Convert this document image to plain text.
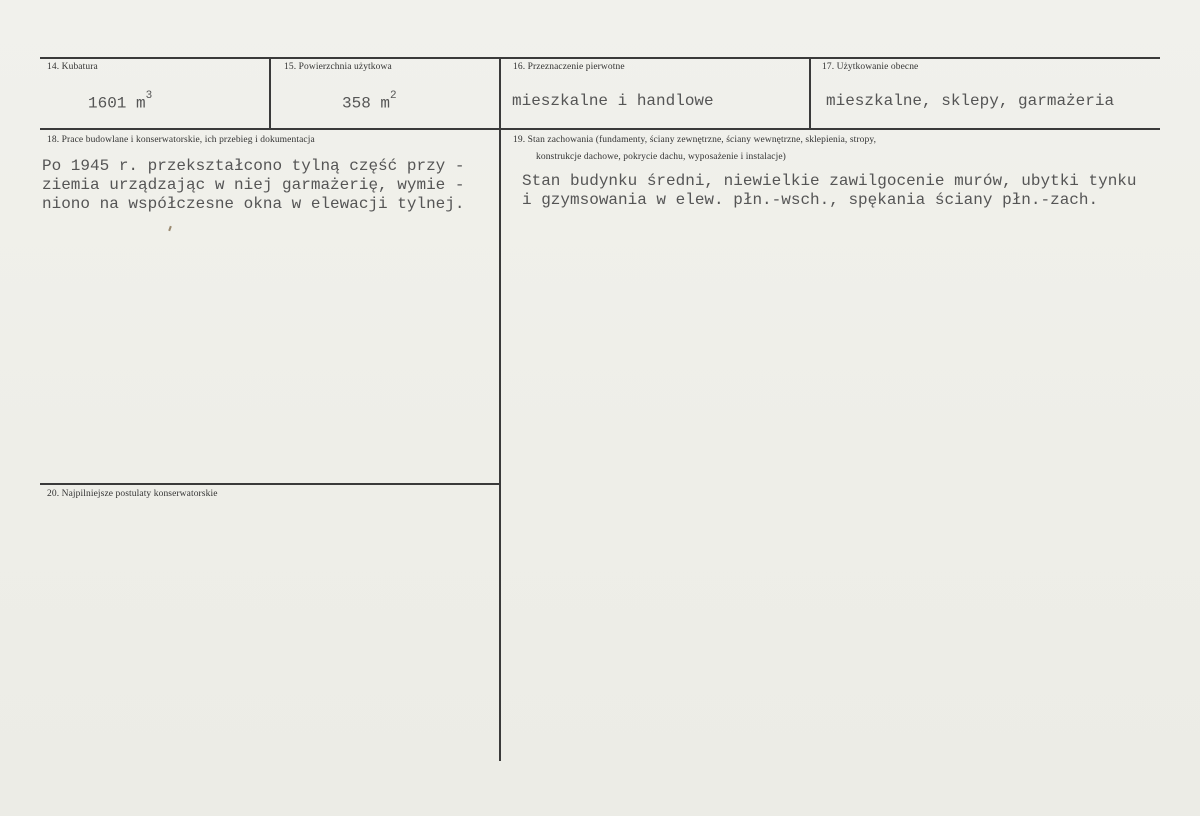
14. Kubatura
1601 $m^3$
15. Powierzchnia użytkowa
358 $m^2$
16. Przeznaczenie pierwotne
mieszkalne i handlowe
17. Użytkowanie obecne
mieszkalne, sklepy, garmażeria
18. Prace budowlane i konserwatorskie, ich przebieg i dokumentacja
Po 1945 r. przekształcono tylną część przy -
ziemia urządzając w niej garmażerię, wymie -
niono na współczesne okna w elewacji tylnej.
19. Stan zachowania (fundamenty, ściany zewnętrzne, ściany wewnętrzne, sklepienia, stropy,
konstrukcje dachowe, pokrycie dachu, wyposażenie i instalacje)
Stan budynku średni, niewielkie zawilgocenie murów, ubytki tynku
i gzymsowania w elew. płn.-wsch., spękania ściany płn.-zach.
20. Najpilniejsze postulaty konserwatorskie
